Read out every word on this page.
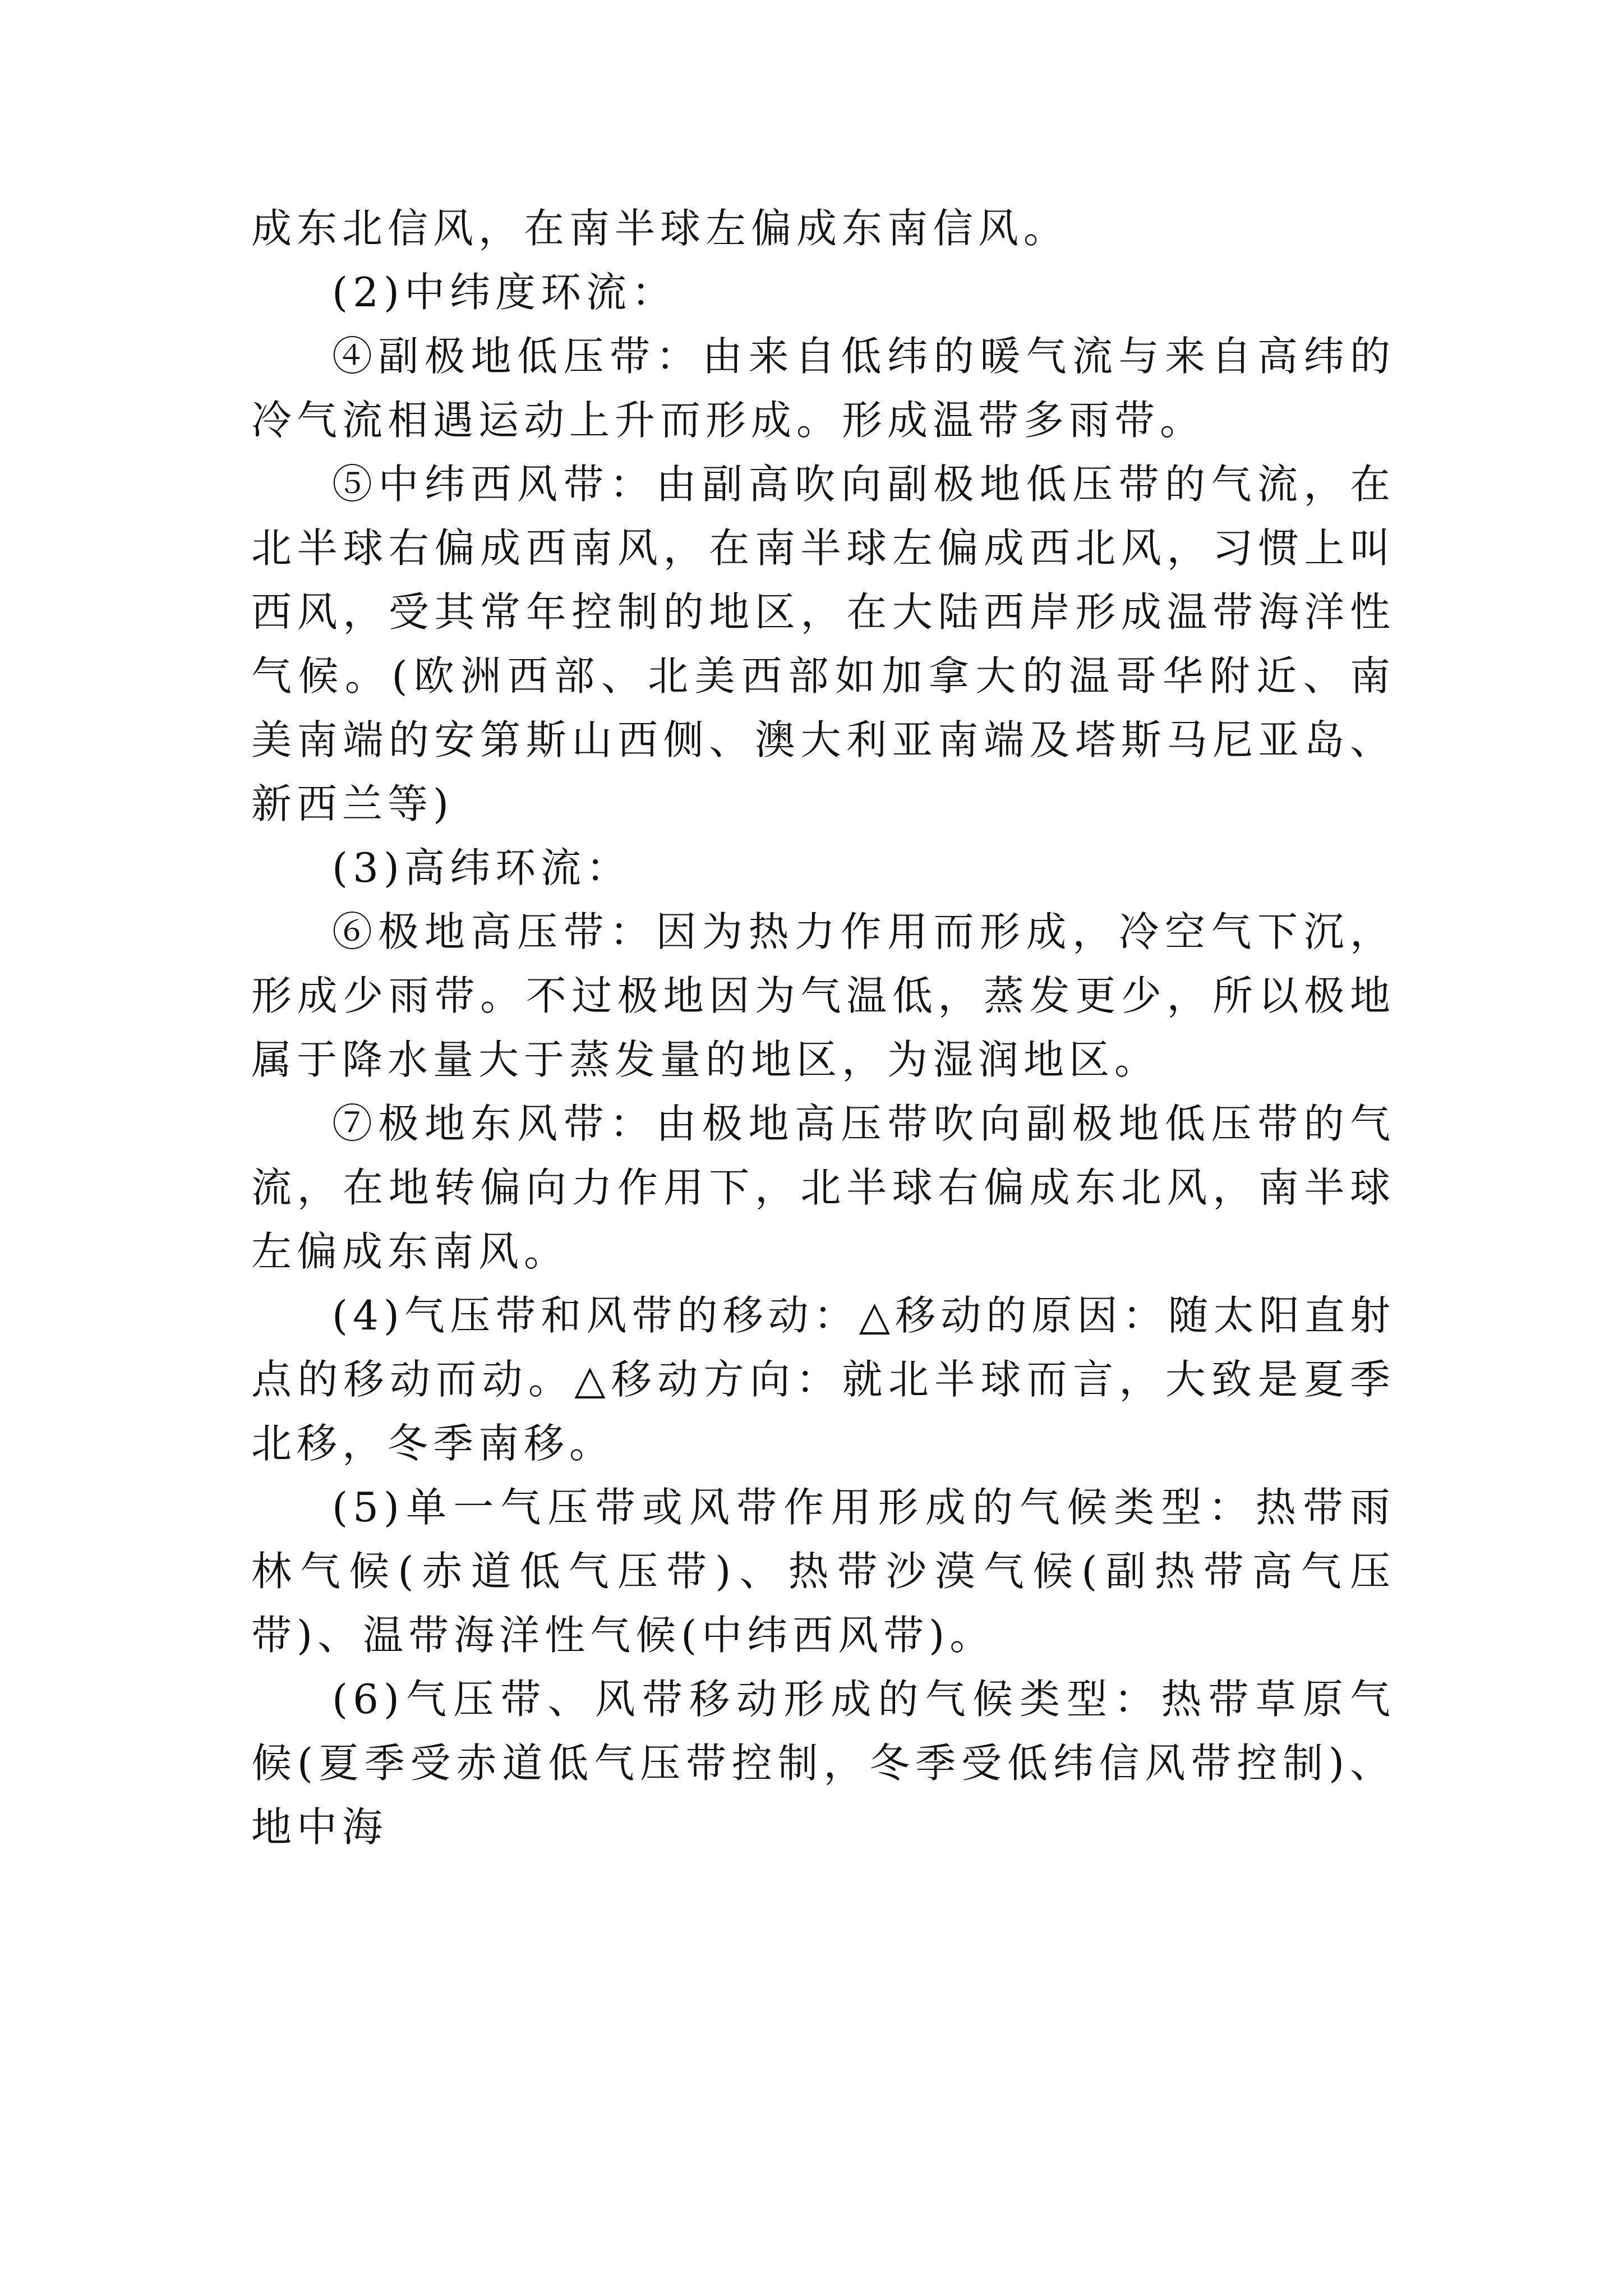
成东北信风，在南半球左偏成东南信风。

(2)中纬度环流：

④副极地低压带：由来自低纬的暖气流与来自高纬的冷气流相遇运动上升而形成。形成温带多雨带。

⑤中纬西风带：由副高吹向副极地低压带的气流，在北半球右偏成西南风，在南半球左偏成西北风，习惯上叫西风，受其常年控制的地区，在大陆西岸形成温带海洋性气候。(欧洲西部、北美西部如加拿大的温哥华附近、南美南端的安第斯山西侧、澳大利亚南端及塔斯马尼亚岛、新西兰等)

(3)高纬环流：

⑥极地高压带：因为热力作用而形成，冷空气下沉，形成少雨带。不过极地因为气温低，蒸发更少，所以极地属于降水量大于蒸发量的地区，为湿润地区。

⑦极地东风带：由极地高压带吹向副极地低压带的气流，在地转偏向力作用下，北半球右偏成东北风，南半球左偏成东南风。

(4)气压带和风带的移动：△移动的原因：随太阳直射点的移动而动。△移动方向：就北半球而言，大致是夏季北移，冬季南移。

(5)单一气压带或风带作用形成的气候类型：热带雨林气候(赤道低气压带)、热带沙漠气候(副热带高气压带)、温带海洋性气候(中纬西风带)。

(6)气压带、风带移动形成的气候类型：热带草原气候(夏季受赤道低气压带控制，冬季受低纬信风带控制)、地中海
